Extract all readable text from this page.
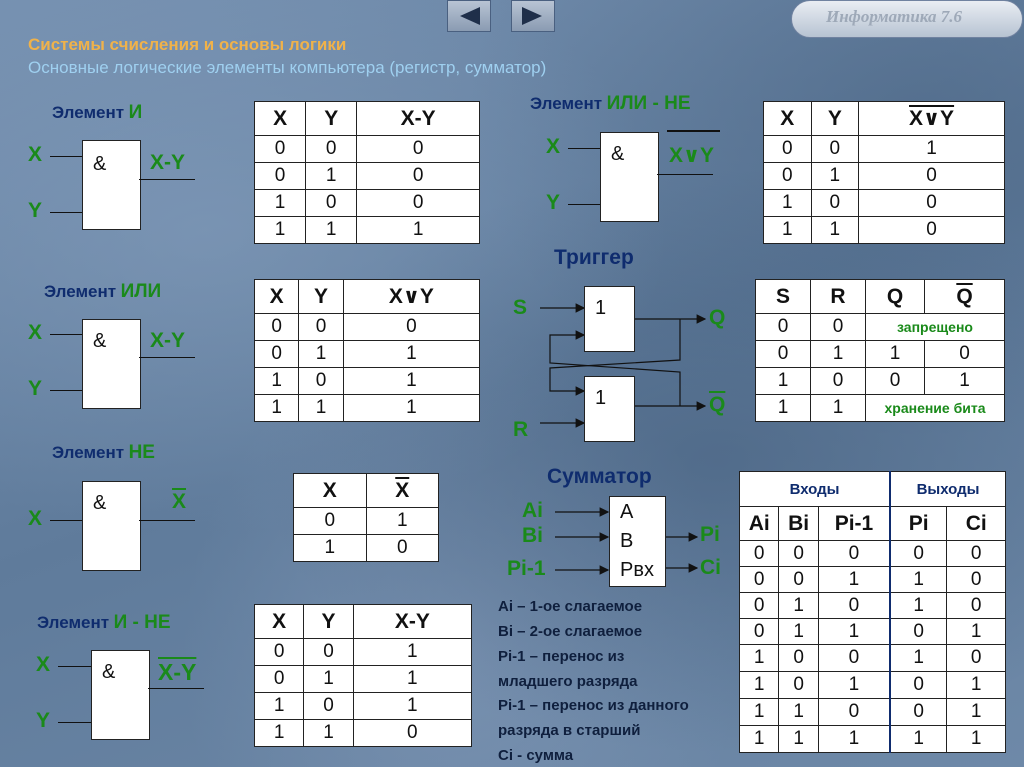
Информатика 7.6
Системы счисления и основы логики
Основные логические элементы компьютера (регистр, сумматор)
Элемент И
X
Y
& X-Y
X	Y	X-Y
0	0	0
0	1	0
1	0	0
1	1	1
Элемент ИЛИ
X
Y
& X-Y
X	Y	X∨Y
0	0	0
0	1	1
1	0	1
1	1	1
Элемент НЕ
X
&	$\overline{X}$	X	$\overline{X}$
0	1
1	0
Элемент И - НЕ
X
Y
& X-Y
X	Y	X-Y
0	0	1
0	1	1
1	0	1
1	1	0
Элемент ИЛИ - НЕ
X
Y
& X∨Y
X	Y	X∨Y
0	0	1
0	1	0
1	0	0
1	1	0
Триггер
S
R
1
1
Q
$\overline{Q}$
S	R	Q	$\overline{Q}$
0	0	запрещено	
0	1	1	0
1	0	0	1
1	1	хранение бита	
Сумматор
Ai
Bi
Pi-1
A
B
Pвх
Pi
Ci
Ai – 1-ое слагаемое
Bi – 2-ое слагаемое
Pi-1 – перенос из
младшего разряда
Pi-1 – перенос из данного
разряда в старший
Ci - сумма
Входы			Выходы	
Ai	Bi	Pi-1	Pi	Ci
0	0	0	0	0
0	0	1	1	0
0	1	0	1	0
0	1	1	0	1
1	0	0	1	0
1	0	1	0	1
1	1	0	0	1
1	1	1	1	1
